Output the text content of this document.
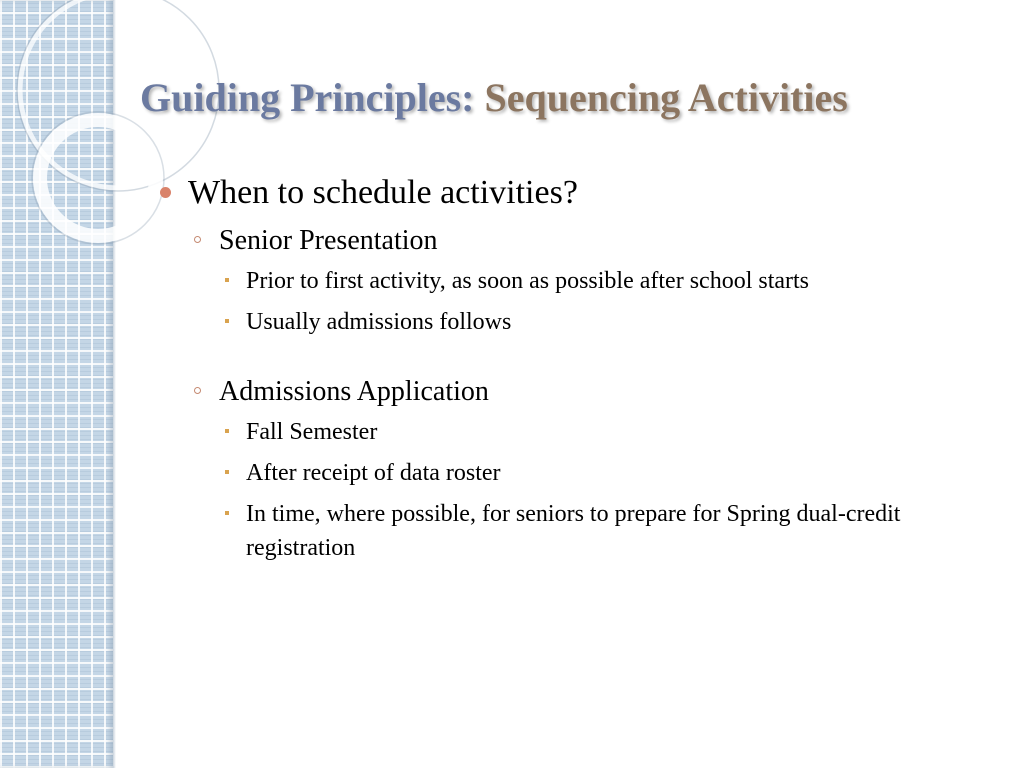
Guiding Principles: Sequencing Activities
When to schedule activities?
Senior Presentation
Prior to first activity, as soon as possible after school starts
Usually admissions follows
Admissions Application
Fall Semester
After receipt of data roster
In time, where possible, for seniors to prepare for Spring dual-credit registration
